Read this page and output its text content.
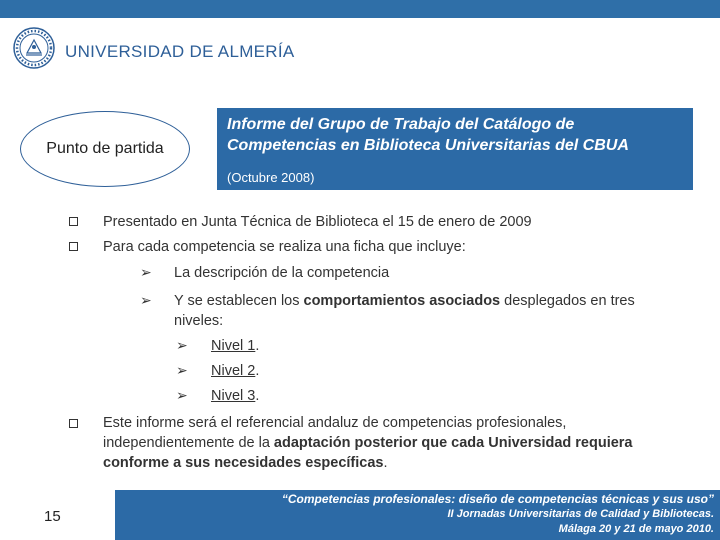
UNIVERSIDAD DE ALMERÍA
Punto de partida
Informe del Grupo de Trabajo del Catálogo de Competencias en Biblioteca Universitarias del CBUA
(Octubre 2008)
Presentado en Junta Técnica de Biblioteca el 15 de enero de 2009
Para cada competencia se realiza una ficha que incluye:
➢ La descripción de la competencia
➢ Y se establecen los comportamientos asociados desplegados en tres niveles:
➢ Nivel 1.
➢ Nivel 2.
➢ Nivel 3.
Este informe será el referencial andaluz de competencias profesionales, independientemente de la adaptación posterior que cada Universidad requiera conforme a sus necesidades específicas.
15
“Competencias profesionales: diseño de competencias técnicas y sus uso”
II Jornadas Universitarias de Calidad y Bibliotecas.
Málaga 20 y 21 de mayo 2010.
